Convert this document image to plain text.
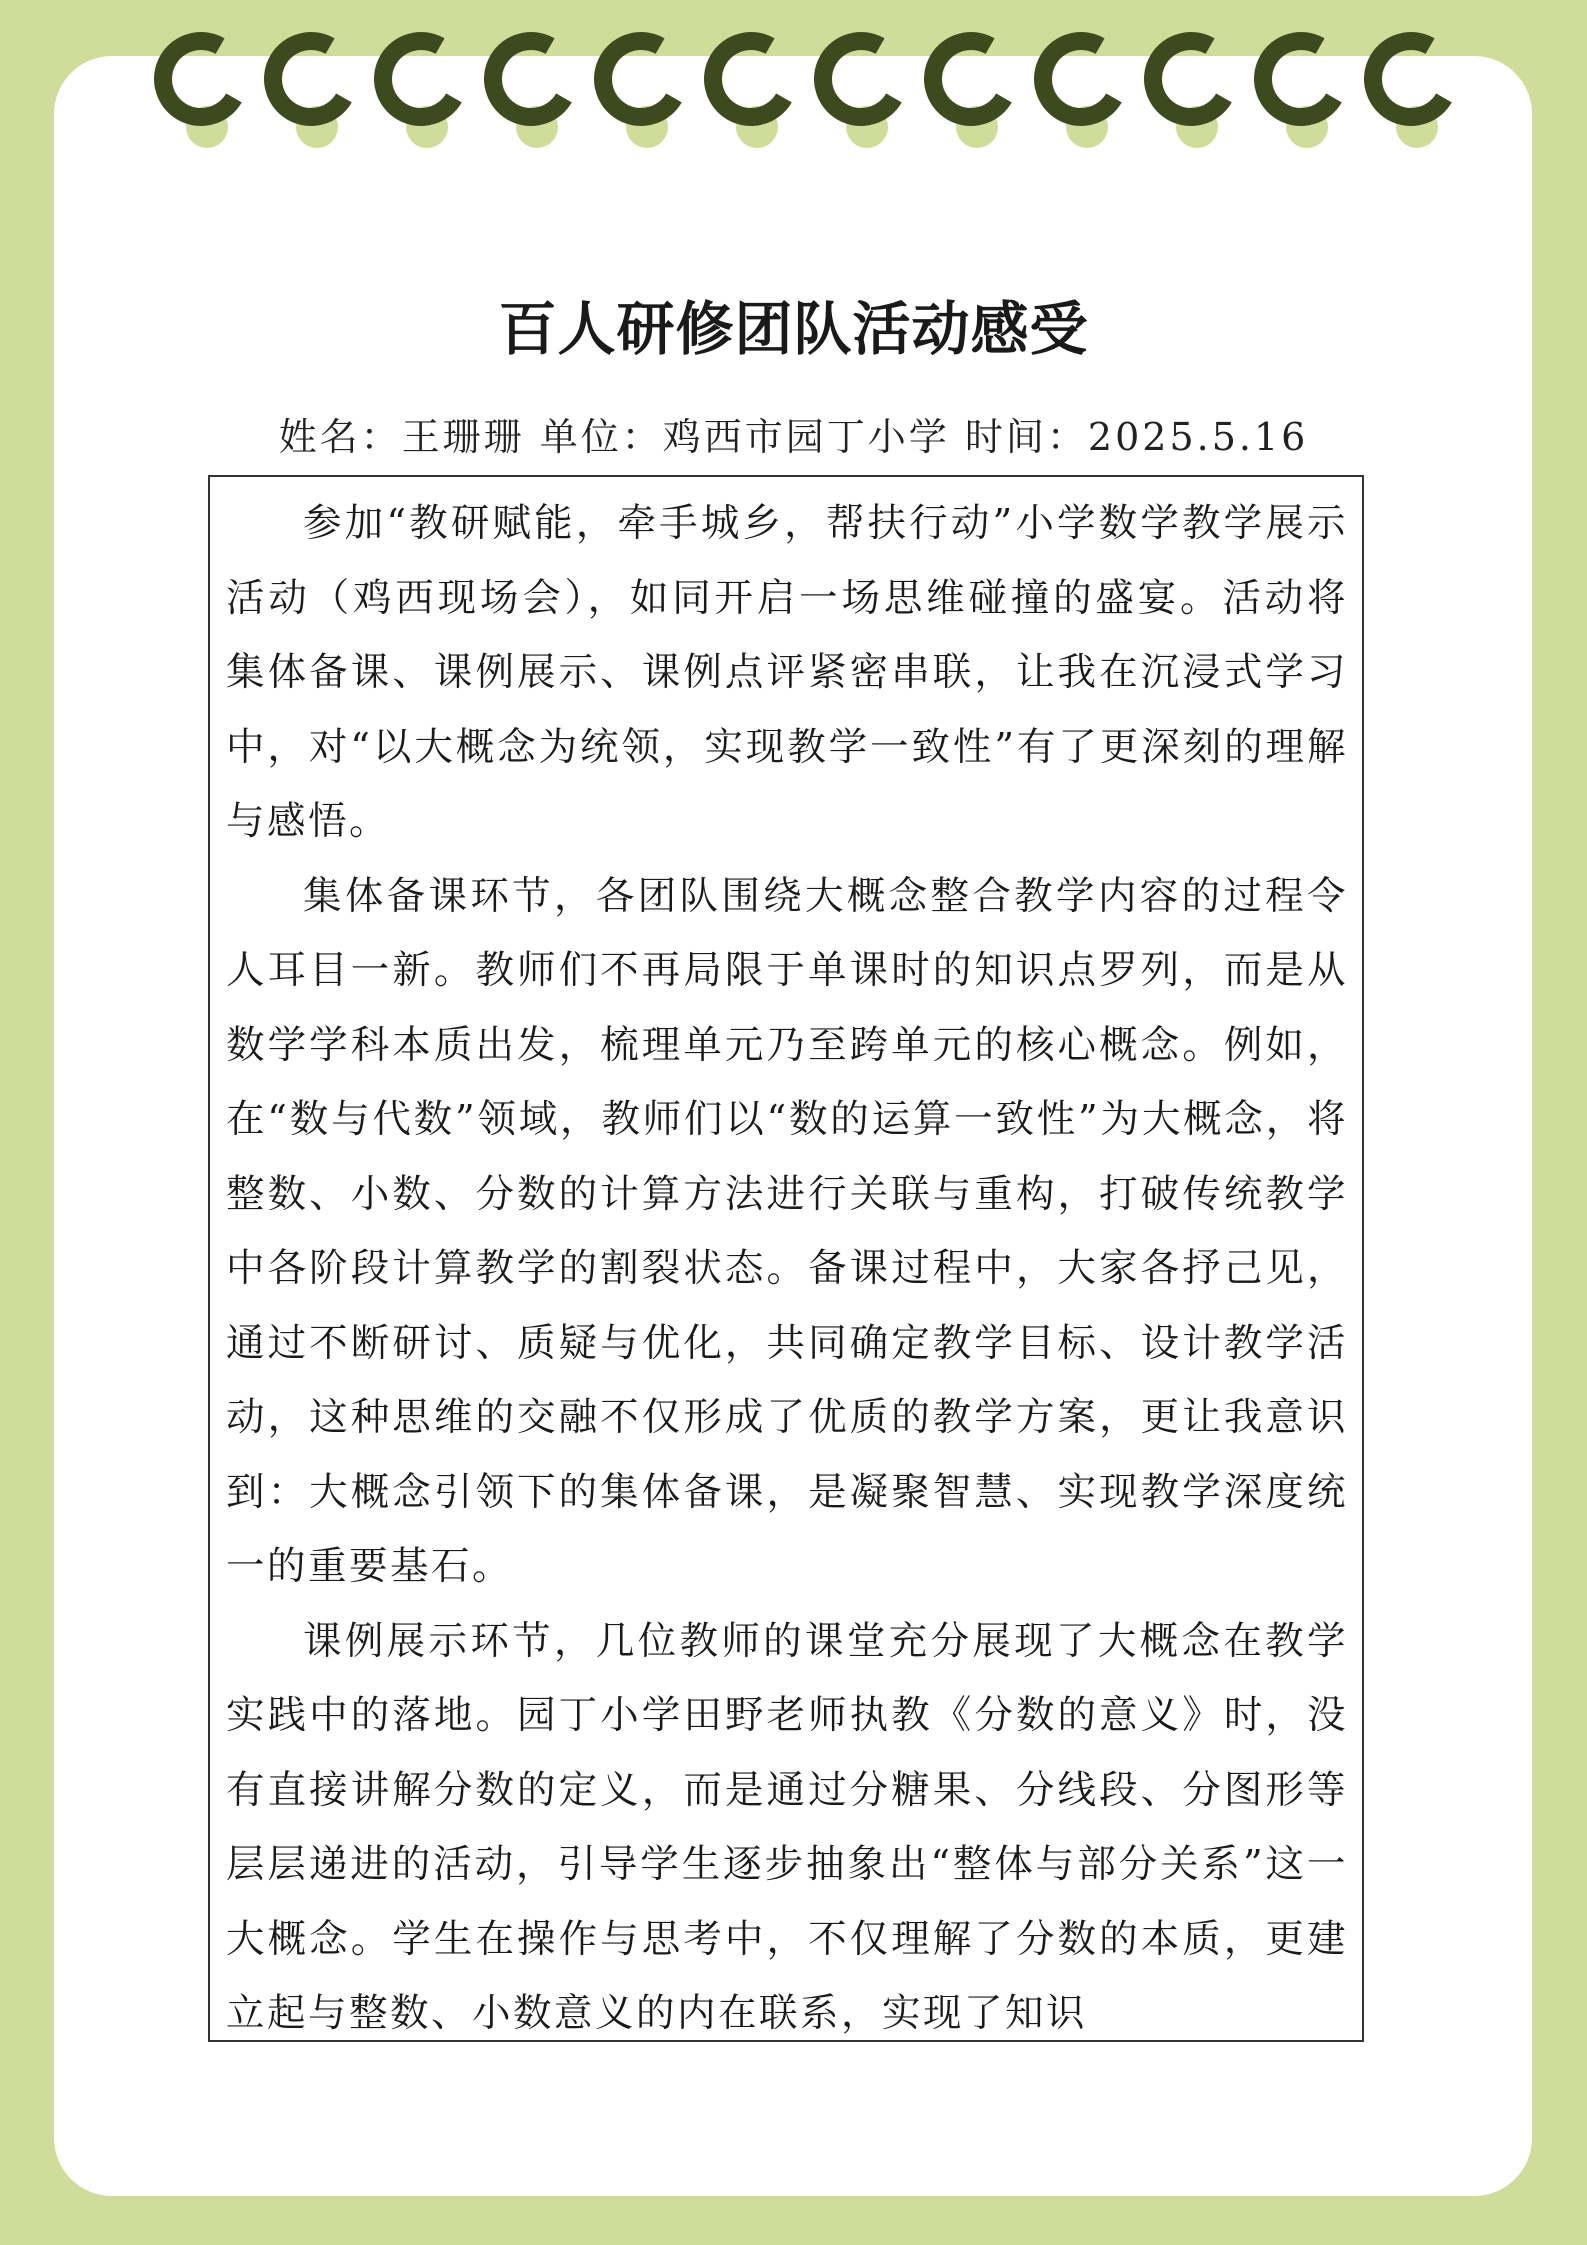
百人研修团队活动感受
姓名：王珊珊 单位：鸡西市园丁小学 时间：2025.5.16

参加“教研赋能，牵手城乡，帮扶行动”小学数学教学展示活动（鸡西现场会），如同开启一场思维碰撞的盛宴。活动将集体备课、课例展示、课例点评紧密串联，让我在沉浸式学习中，对“以大概念为统领，实现教学一致性”有了更深刻的理解与感悟。

集体备课环节，各团队围绕大概念整合教学内容的过程令人耳目一新。教师们不再局限于单课时的知识点罗列，而是从数学学科本质出发，梳理单元乃至跨单元的核心概念。例如，在“数与代数”领域，教师们以“数的运算一致性”为大概念，将整数、小数、分数的计算方法进行关联与重构，打破传统教学中各阶段计算教学的割裂状态。备课过程中，大家各抒己见，通过不断研讨、质疑与优化，共同确定教学目标、设计教学活动，这种思维的交融不仅形成了优质的教学方案，更让我意识到：大概念引领下的集体备课，是凝聚智慧、实现教学深度统一的重要基石。

课例展示环节，几位教师的课堂充分展现了大概念在教学实践中的落地。园丁小学田野老师执教《分数的意义》时，没有直接讲解分数的定义，而是通过分糖果、分线段、分图形等层层递进的活动，引导学生逐步抽象出“整体与部分关系”这一大概念。学生在操作与思考中，不仅理解了分数的本质，更建立起与整数、小数意义的内在联系，实现了知识
